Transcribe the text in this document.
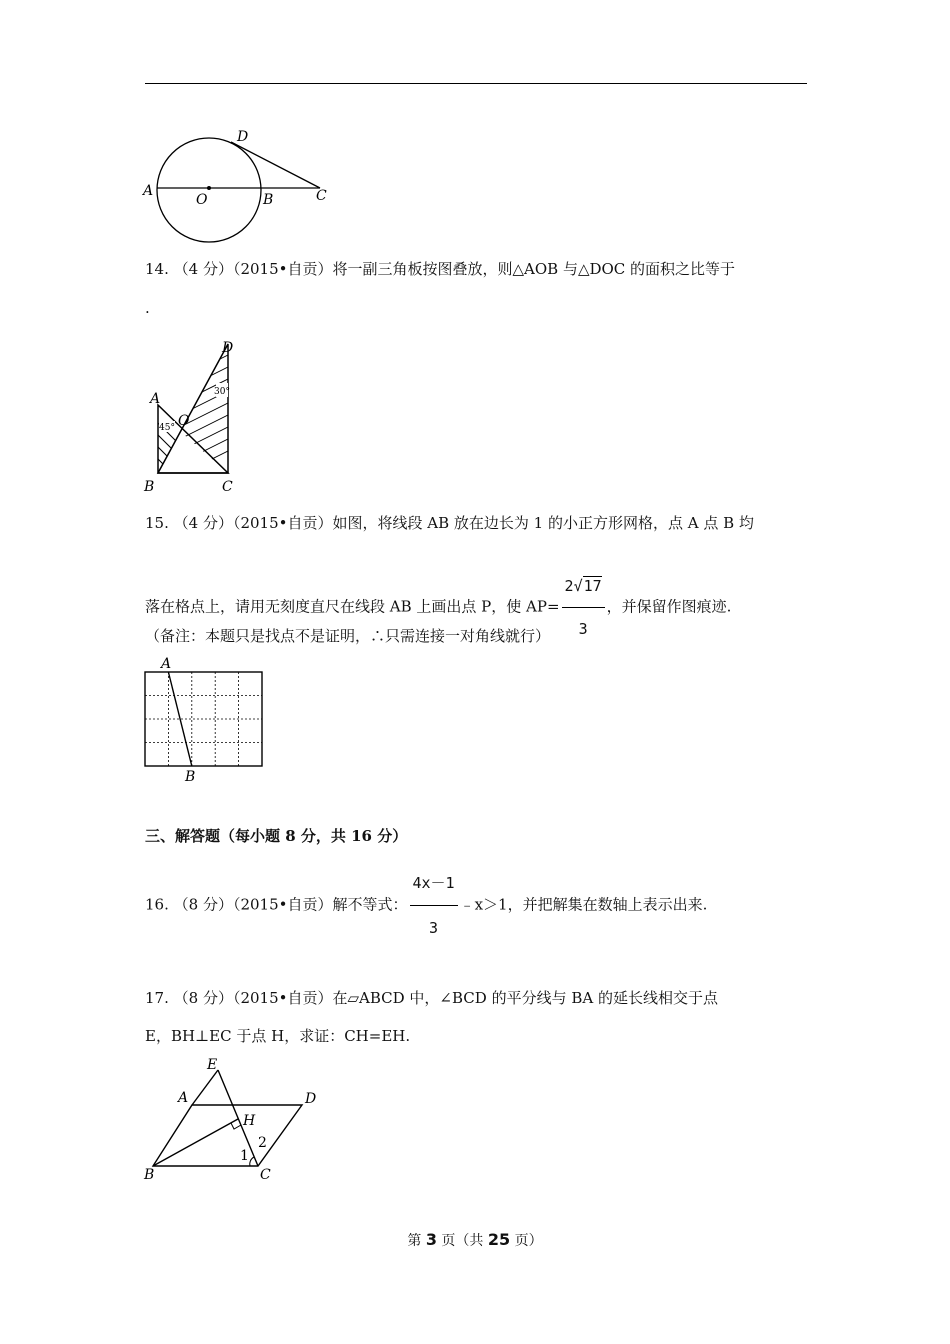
A
O	B	C
D
14. （4 分）（2015•自贡）将一副三角板按图叠放，则△AOB 与△DOC 的面积之比等于
.
30°
45°
D
A
O
B	C
15. （4 分）（2015•自贡）如图，将线段 AB 放在边长为 1 的小正方形网格，点 A 点 B 均
落在格点上，请用无刻度直尺在线段 AB 上画出点 P，使 $AP= \frac{2√17}{3}$ ，并保留作图痕迹.
（备注：本题只是找点不是证明，∴只需连接一对角线就行）
A
B
三、解答题（每小题 8 分，共 16 分）
16. （8 分）（2015•自贡）解不等式： $\frac{4x-1}{3}$ ﹣x＞1，并把解集在数轴上表示出来.
17. （8 分）（2015•自贡）在▱ABCD 中，∠BCD 的平分线与 BA 的延长线相交于点
E，BH⊥EC 于点 H，求证：CH=EH.
E
A	D
H
2
1
B	C
第 3 页（共 25 页）
